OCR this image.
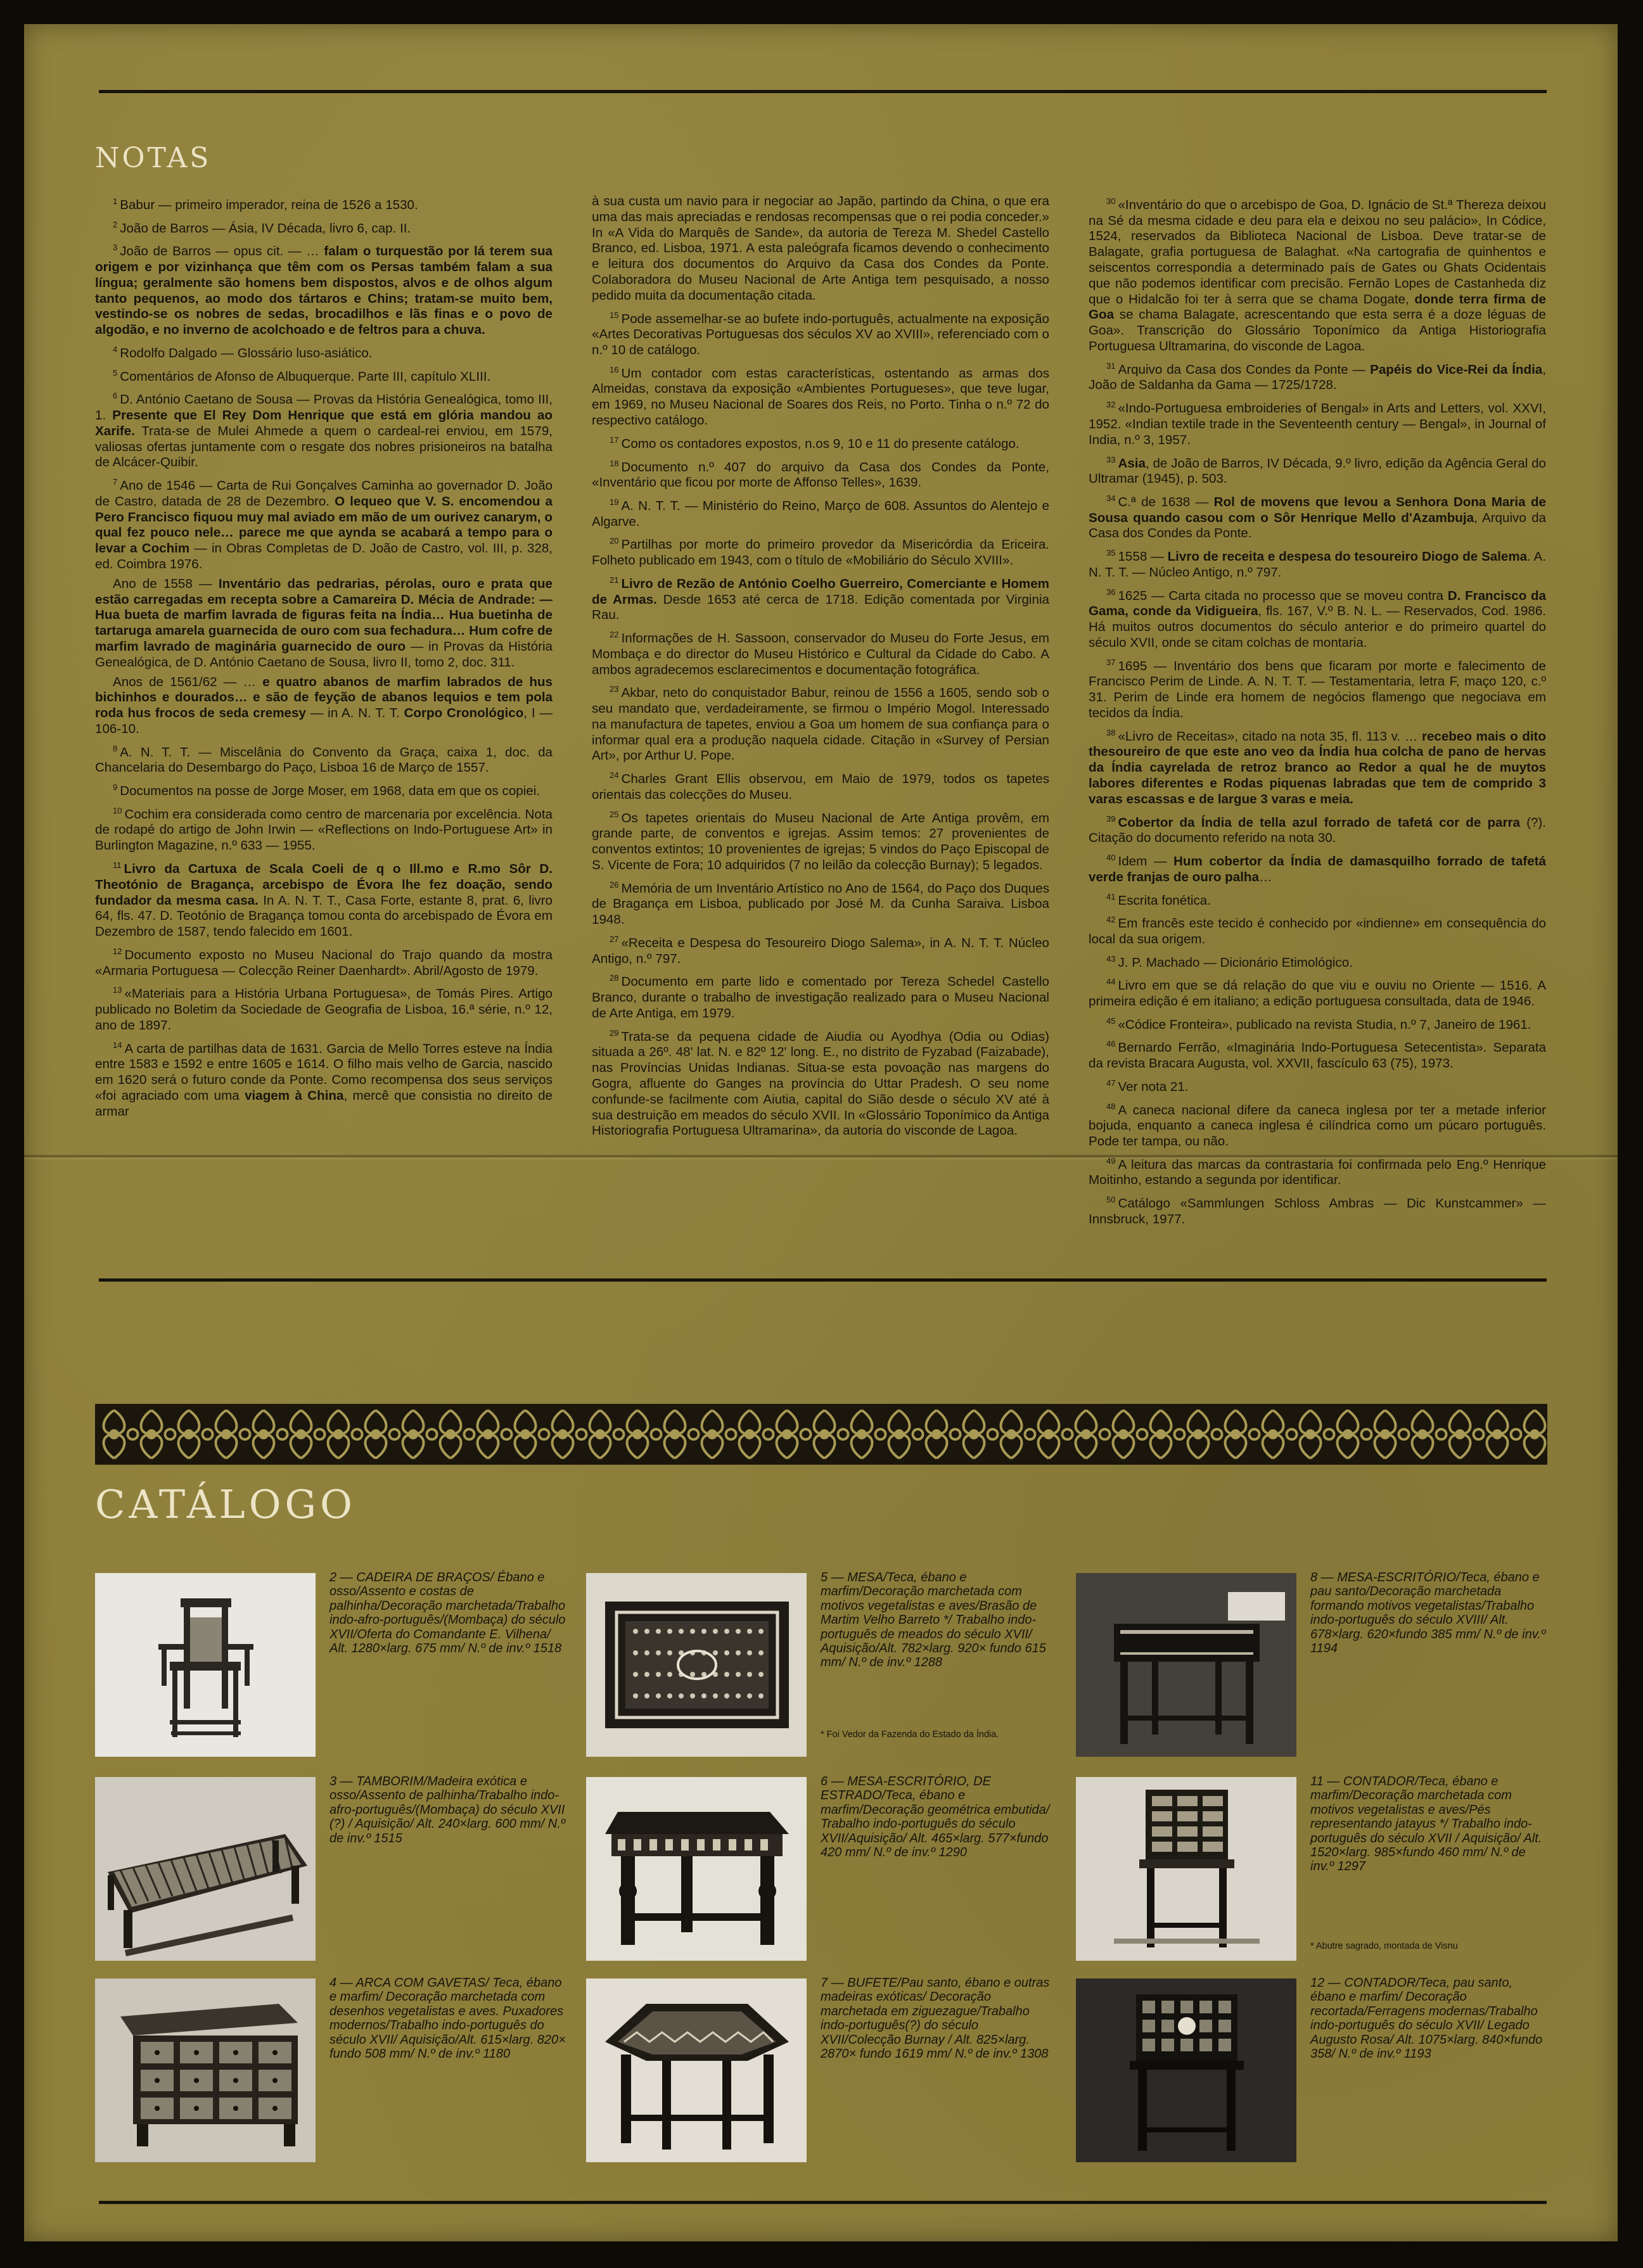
NOTAS

$^1$ Babur — primeiro imperador, reina de 1526 a 1530.

$^2$ João de Barros — Ásia, IV Década, livro 6, cap. II.

$^3$ João de Barros — opus cit. — … falam o turquestão por lá terem sua origem e por vizinhança que têm com os Persas também falam a sua língua; geralmente são homens bem dispostos, alvos e de olhos algum tanto pequenos, ao modo dos tártaros e Chins; tratam-se muito bem, vestindo-se os nobres de sedas, brocadilhos e lãs finas e o povo de algodão, e no inverno de acolchoado e de feltros para a chuva.

$^4$ Rodolfo Dalgado — Glossário luso-asiático.

$^5$ Comentários de Afonso de Albuquerque. Parte III, capítulo XLIII.

$^6$ D. António Caetano de Sousa — Provas da História Genealógica, tomo III, 1. Presente que El Rey Dom Henrique que está em glória mandou ao Xarife. Trata-se de Mulei Ahmede a quem o cardeal-rei enviou, em 1579, valiosas ofertas juntamente com o resgate dos nobres prisioneiros na batalha de Alcácer-Quibir.

$^7$ Ano de 1546 — Carta de Rui Gonçalves Caminha ao governador D. João de Castro, datada de 28 de Dezembro. O lequeo que V. S. encomendou a Pero Francisco fiquou muy mal aviado em mão de um ourivez canarym, o qual fez pouco nele… parece me que aynda se acabará a tempo para o levar a Cochim — in Obras Completas de D. João de Castro, vol. III, p. 328, ed. Coimbra 1976.

Ano de 1558 — Inventário das pedrarias, pérolas, ouro e prata que estão carregadas em recepta sobre a Camareira D. Mécia de Andrade: — Hua bueta de marfim lavrada de figuras feita na Índia… Hua buetinha de tartaruga amarela guarnecida de ouro com sua fechadura… Hum cofre de marfim lavrado de maginária guarnecido de ouro — in Provas da História Genealógica, de D. António Caetano de Sousa, livro II, tomo 2, doc. 311.

Anos de 1561/62 — … e quatro abanos de marfim labrados de hus bichinhos e dourados… e são de feyção de abanos lequios e tem pola roda hus frocos de seda cremesy — in A. N. T. T. Corpo Cronológico, I — 106-10.

$^8$ A. N. T. T. — Miscelânia do Convento da Graça, caixa 1, doc. da Chancelaria do Desembargo do Paço, Lisboa 16 de Março de 1557.

$^9$ Documentos na posse de Jorge Moser, em 1968, data em que os copiei.

$^{10}$ Cochim era considerada como centro de marcenaria por excelência. Nota de rodapé do artigo de John Irwin — «Reflections on Indo-Portuguese Art» in Burlington Magazine, n.º 633 — 1955.

$^{11}$ Livro da Cartuxa de Scala Coeli de q o Ill.mo e R.mo Sôr D. Theotónio de Bragança, arcebispo de Évora lhe fez doação, sendo fundador da mesma casa. In A. N. T. T., Casa Forte, estante 8, prat. 6, livro 64, fls. 47. D. Teotónio de Bragança tomou conta do arcebispado de Évora em Dezembro de 1587, tendo falecido em 1601.

$^{12}$ Documento exposto no Museu Nacional do Trajo quando da mostra «Armaria Portuguesa — Colecção Reiner Daenhardt». Abril/Agosto de 1979.

$^{13}$ «Materiais para a História Urbana Portuguesa», de Tomás Pires. Artigo publicado no Boletim da Sociedade de Geografia de Lisboa, 16.ª série, n.º 12, ano de 1897.

$^{14}$ A carta de partilhas data de 1631. Garcia de Mello Torres esteve na Índia entre 1583 e 1592 e entre 1605 e 1614. O filho mais velho de Garcia, nascido em 1620 será o futuro conde da Ponte. Como recompensa dos seus serviços «foi agraciado com uma viagem à China, mercê que consistia no direito de armar

à sua custa um navio para ir negociar ao Japão, partindo da China, o que era uma das mais apreciadas e rendosas recompensas que o rei podia conceder.» In «A Vida do Marquês de Sande», da autoria de Tereza M. Shedel Castello Branco, ed. Lisboa, 1971. A esta paleógrafa ficamos devendo o conhecimento e leitura dos documentos do Arquivo da Casa dos Condes da Ponte. Colaboradora do Museu Nacional de Arte Antiga tem pesquisado, a nosso pedido muita da documentação citada.

$^{15}$ Pode assemelhar-se ao bufete indo-português, actualmente na exposição «Artes Decorativas Portuguesas dos séculos XV ao XVIII», referenciado com o n.º 10 de catálogo.

$^{16}$ Um contador com estas características, ostentando as armas dos Almeidas, constava da exposição «Ambientes Portugueses», que teve lugar, em 1969, no Museu Nacional de Soares dos Reis, no Porto. Tinha o n.º 72 do respectivo catálogo.

$^{17}$ Como os contadores expostos, n.os 9, 10 e 11 do presente catálogo.

$^{18}$ Documento n.º 407 do arquivo da Casa dos Condes da Ponte, «Inventário que ficou por morte de Affonso Telles», 1639.

$^{19}$ A. N. T. T. — Ministério do Reino, Março de 608. Assuntos do Alentejo e Algarve.

$^{20}$ Partilhas por morte do primeiro provedor da Misericórdia da Ericeira. Folheto publicado em 1943, com o título de «Mobiliário do Século XVIII».

$^{21}$ Livro de Rezão de António Coelho Guerreiro, Comerciante e Homem de Armas. Desde 1653 até cerca de 1718. Edição comentada por Virginia Rau.

$^{22}$ Informações de H. Sassoon, conservador do Museu do Forte Jesus, em Mombaça e do director do Museu Histórico e Cultural da Cidade do Cabo. A ambos agradecemos esclarecimentos e documentação fotográfica.

$^{23}$ Akbar, neto do conquistador Babur, reinou de 1556 a 1605, sendo sob o seu mandato que, verdadeiramente, se firmou o Império Mogol. Interessado na manufactura de tapetes, enviou a Goa um homem de sua confiança para o informar qual era a produção naquela cidade. Citação in «Survey of Persian Art», por Arthur U. Pope.

$^{24}$ Charles Grant Ellis observou, em Maio de 1979, todos os tapetes orientais das colecções do Museu.

$^{25}$ Os tapetes orientais do Museu Nacional de Arte Antiga provêm, em grande parte, de conventos e igrejas. Assim temos: 27 provenientes de conventos extintos; 10 provenientes de igrejas; 5 vindos do Paço Episcopal de S. Vicente de Fora; 10 adquiridos (7 no leilão da colecção Burnay); 5 legados.

$^{26}$ Memória de um Inventário Artístico no Ano de 1564, do Paço dos Duques de Bragança em Lisboa, publicado por José M. da Cunha Saraiva. Lisboa 1948.

$^{27}$ «Receita e Despesa do Tesoureiro Diogo Salema», in A. N. T. T. Núcleo Antigo, n.º 797.

$^{28}$ Documento em parte lido e comentado por Tereza Schedel Castello Branco, durante o trabalho de investigação realizado para o Museu Nacional de Arte Antiga, em 1979.

$^{29}$ Trata-se da pequena cidade de Aiudia ou Ayodhya (Odia ou Odias) situada a 26º. 48' lat. N. e 82º 12' long. E., no distrito de Fyzabad (Faizabade), nas Províncias Unidas Indianas. Situa-se esta povoação nas margens do Gogra, afluente do Ganges na província do Uttar Pradesh. O seu nome confunde-se facilmente com Aiutia, capital do Sião desde o século XV até à sua destruição em meados do século XVII. In «Glossário Toponímico da Antiga Historiografia Portuguesa Ultramarina», da autoria do visconde de Lagoa.

$^{30}$ «Inventário do que o arcebispo de Goa, D. Ignácio de St.ª Thereza deixou na Sé da mesma cidade e deu para ela e deixou no seu palácio», In Códice, 1524, reservados da Biblioteca Nacional de Lisboa. Deve tratar-se de Balagate, grafia portuguesa de Balaghat. «Na cartografia de quinhentos e seiscentos correspondia a determinado país de Gates ou Ghats Ocidentais que não podemos identificar com precisão. Fernão Lopes de Castanheda diz que o Hidalcão foi ter à serra que se chama Dogate, donde terra firma de Goa se chama Balagate, acrescentando que esta serra é a doze léguas de Goa». Transcrição do Glossário Toponímico da Antiga Historiografia Portuguesa Ultramarina, do visconde de Lagoa.

$^{31}$ Arquivo da Casa dos Condes da Ponte — Papéis do Vice-Rei da Índia, João de Saldanha da Gama — 1725/1728.

$^{32}$ «Indo-Portuguesa embroideries of Bengal» in Arts and Letters, vol. XXVI, 1952. «Indian textile trade in the Seventeenth century — Bengal», in Journal of India, n.º 3, 1957.

$^{33}$ Asia, de João de Barros, IV Década, 9.º livro, edição da Agência Geral do Ultramar (1945), p. 503.

$^{34}$ C.ª de 1638 — Rol de movens que levou a Senhora Dona Maria de Sousa quando casou com o Sôr Henrique Mello d'Azambuja, Arquivo da Casa dos Condes da Ponte.

$^{35}$ 1558 — Livro de receita e despesa do tesoureiro Diogo de Salema. A. N. T. T. — Núcleo Antigo, n.º 797.

$^{36}$ 1625 — Carta citada no processo que se moveu contra D. Francisco da Gama, conde da Vidigueira, fls. 167, V.º B. N. L. — Reservados, Cod. 1986. Há muitos outros documentos do século anterior e do primeiro quartel do século XVII, onde se citam colchas de montaria.

$^{37}$ 1695 — Inventário dos bens que ficaram por morte e falecimento de Francisco Perim de Linde. A. N. T. T. — Testamentaria, letra F, maço 120, c.º 31. Perim de Linde era homem de negócios flamengo que negociava em tecidos da Índia.

$^{38}$ «Livro de Receitas», citado na nota 35, fl. 113 v. … recebeo mais o dito thesoureiro de que este ano veo da Índia hua colcha de pano de hervas da Índia cayrelada de retroz branco ao Redor a qual he de muytos labores diferentes e Rodas piquenas labradas que tem de comprido 3 varas escassas e de largue 3 varas e meia.

$^{39}$ Cobertor da Índia de tella azul forrado de tafetá cor de parra (?). Citação do documento referido na nota 30.

$^{40}$ Idem — Hum cobertor da Índia de damasquilho forrado de tafetá verde franjas de ouro palha…

$^{41}$ Escrita fonética.

$^{42}$ Em francês este tecido é conhecido por «indienne» em consequência do local da sua origem.

$^{43}$ J. P. Machado — Dicionário Etimológico.

$^{44}$ Livro em que se dá relação do que viu e ouviu no Oriente — 1516. A primeira edição é em italiano; a edição portuguesa consultada, data de 1946.

$^{45}$ «Códice Fronteira», publicado na revista Studia, n.º 7, Janeiro de 1961.

$^{46}$ Bernardo Ferrão, «Imaginária Indo-Portuguesa Setecentista». Separata da revista Bracara Augusta, vol. XXVII, fascículo 63 (75), 1973.

$^{47}$ Ver nota 21.

$^{48}$ A caneca nacional difere da caneca inglesa por ter a metade inferior bojuda, enquanto a caneca inglesa é cilíndrica como um púcaro português. Pode ter tampa, ou não.

$^{49}$ A leitura das marcas da contrastaria foi confirmada pelo Eng.º Henrique Moitinho, estando a segunda por identificar.

$^{50}$ Catálogo «Sammlungen Schloss Ambras — Dic Kunstcammer» — Innsbruck, 1977.

CATÁLOGO
2 — CADEIRA DE BRAÇOS/ Ébano e osso/Assento e costas de palhinha/Decoração marchetada/Trabalho indo-afro-português/(Mombaça) do século XVII/Oferta do Comandante E. Vilhena/ Alt. 1280×larg. 675 mm/ N.º de inv.º 1518
5 — MESA/Teca, ébano e marfim/Decoração marchetada com motivos vegetalistas e aves/Brasão de Martim Velho Barreto */ Trabalho indo-português de meados do século XVII/ Aquisição/Alt. 782×larg. 920× fundo 615 mm/ N.º de inv.º 1288
* Foi Vedor da Fazenda do Estado da Índia.
8 — MESA-ESCRITÓRIO/Teca, ébano e pau santo/Decoração marchetada formando motivos vegetalistas/Trabalho indo-português do século XVIII/ Alt. 678×larg. 620×fundo 385 mm/ N.º de inv.º 1194
3 — TAMBORIM/Madeira exótica e osso/Assento de palhinha/Trabalho indo-afro-português/(Mombaça) do século XVII (?) / Aquisição/ Alt. 240×larg. 600 mm/ N.º de inv.º 1515
6 — MESA-ESCRITÓRIO, DE ESTRADO/Teca, ébano e marfim/Decoração geométrica embutida/ Trabalho indo-português do século XVII/Aquisição/ Alt. 465×larg. 577×fundo 420 mm/ N.º de inv.º 1290
11 — CONTADOR/Teca, ébano e marfim/Decoração marchetada com motivos vegetalistas e aves/Pés representando jatayus */ Trabalho indo-português do século XVII / Aquisição/ Alt. 1520×larg. 985×fundo 460 mm/ N.º de inv.º 1297
* Abutre sagrado, montada de Visnu
4 — ARCA COM GAVETAS/ Teca, ébano e marfim/ Decoração marchetada com desenhos vegetalistas e aves. Puxadores modernos/Trabalho indo-português do século XVII/ Aquisição/Alt. 615×larg. 820× fundo 508 mm/ N.º de inv.º 1180
7 — BUFETE/Pau santo, ébano e outras madeiras exóticas/ Decoração marchetada em ziguezague/Trabalho indo-português(?) do século XVII/Colecção Burnay / Alt. 825×larg. 2870× fundo 1619 mm/ N.º de inv.º 1308
12 — CONTADOR/Teca, pau santo, ébano e marfim/ Decoração recortada/Ferragens modernas/Trabalho indo-português do século XVII/ Legado Augusto Rosa/ Alt. 1075×larg. 840×fundo 358/ N.º de inv.º 1193
